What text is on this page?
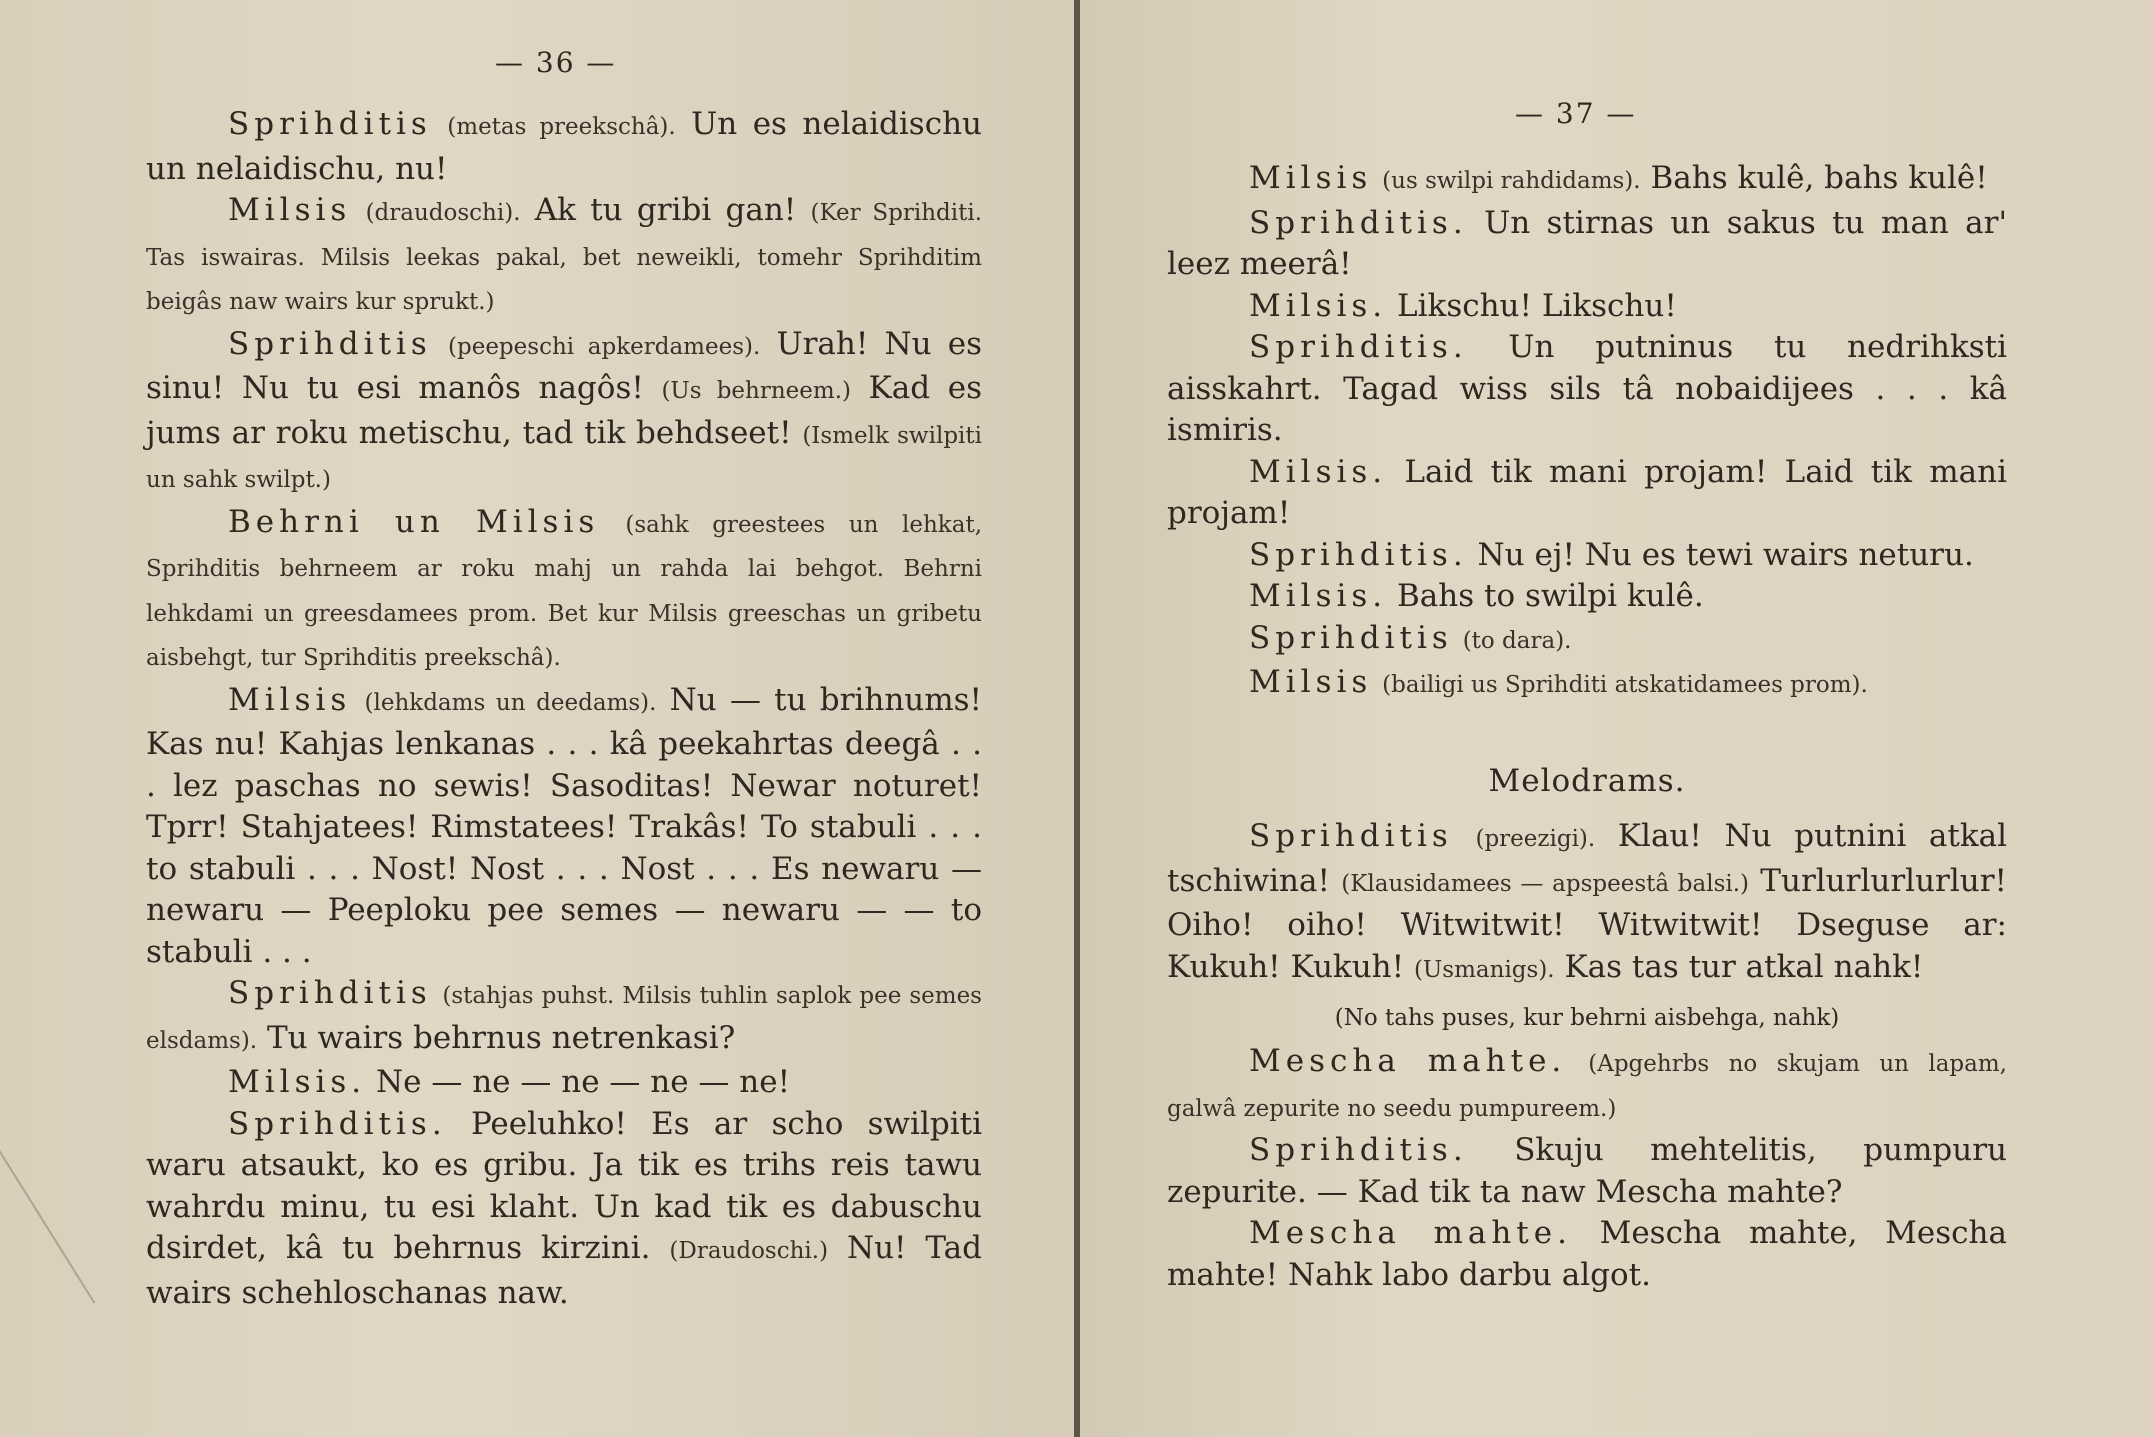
— 36 —

Sprihditis (metas preekschâ). Un es nelaidischu un nelaidischu, nu!

Milsis (draudoschi). Ak tu gribi gan! (Ker Sprihditi. Tas iswairas. Milsis leekas pakal, bet neweikli, tomehr Sprihditim beigâs naw wairs kur sprukt.)

Sprihditis (peepeschi apkerdamees). Urah! Nu es sinu! Nu tu esi manôs nagôs! (Us behrneem.) Kad es jums ar roku metischu, tad tik behdseet! (Ismelk swilpiti un sahk swilpt.)

Behrni un Milsis (sahk greestees un lehkat, Sprihditis behrneem ar roku mahj un rahda lai behgot. Behrni lehkdami un greesdamees prom. Bet kur Milsis greeschas un gribetu aisbehgt, tur Sprihditis preekschâ).

Milsis (lehkdams un deedams). Nu — tu brihnums! Kas nu! Kahjas lenkanas . . . kâ peekahrtas deegâ . . . lez paschas no sewis! Sasoditas! Newar noturet! Tprr! Stahjatees! Rimstatees! Trakâs! To stabuli . . . to stabuli . . . Nost! Nost . . . Nost . . . Es newaru — newaru — Peeploku pee semes — newaru — — to stabuli . . .

Sprihditis (stahjas puhst. Milsis tuhlin saplok pee semes elsdams). Tu wairs behrnus netrenkasi?

Milsis. Ne — ne — ne — ne — ne!

Sprihditis. Peeluhko! Es ar scho swilpiti waru atsaukt, ko es gribu. Ja tik es trihs reis tawu wahrdu minu, tu esi klaht. Un kad tik es dabuschu dsirdet, kâ tu behrnus kirzini. (Draudoschi.) Nu! Tad wairs schehloschanas naw.

— 37 —

Milsis (us swilpi rahdidams). Bahs kulê, bahs kulê!

Sprihditis. Un stirnas un sakus tu man ar' leez meerâ!

Milsis. Likschu! Likschu!

Sprihditis. Un putninus tu nedrihksti aisskahrt. Tagad wiss sils tâ nobaidijees . . . kâ ismiris.

Milsis. Laid tik mani projam! Laid tik mani projam!

Sprihditis. Nu ej! Nu es tewi wairs neturu.

Milsis. Bahs to swilpi kulê.

Sprihditis (to dara).

Milsis (bailigi us Sprihditi atskatidamees prom).

Melodrams.

Sprihditis (preezigi). Klau! Nu putnini atkal tschiwina! (Klausidamees — apspeestâ balsi.) Turlurlurlurlur! Oiho! oiho! Witwitwit! Witwitwit! Dseguse ar: Kukuh! Kukuh! (Usmanigs). Kas tas tur atkal nahk!

(No tahs puses, kur behrni aisbehga, nahk)

Mescha mahte. (Apgehrbs no skujam un lapam, galwâ zepurite no seedu pumpureem.)

Sprihditis. Skuju mehtelitis, pumpuru zepurite. — Kad tik ta naw Mescha mahte?

Mescha mahte. Mescha mahte, Mescha mahte! Nahk labo darbu algot.
